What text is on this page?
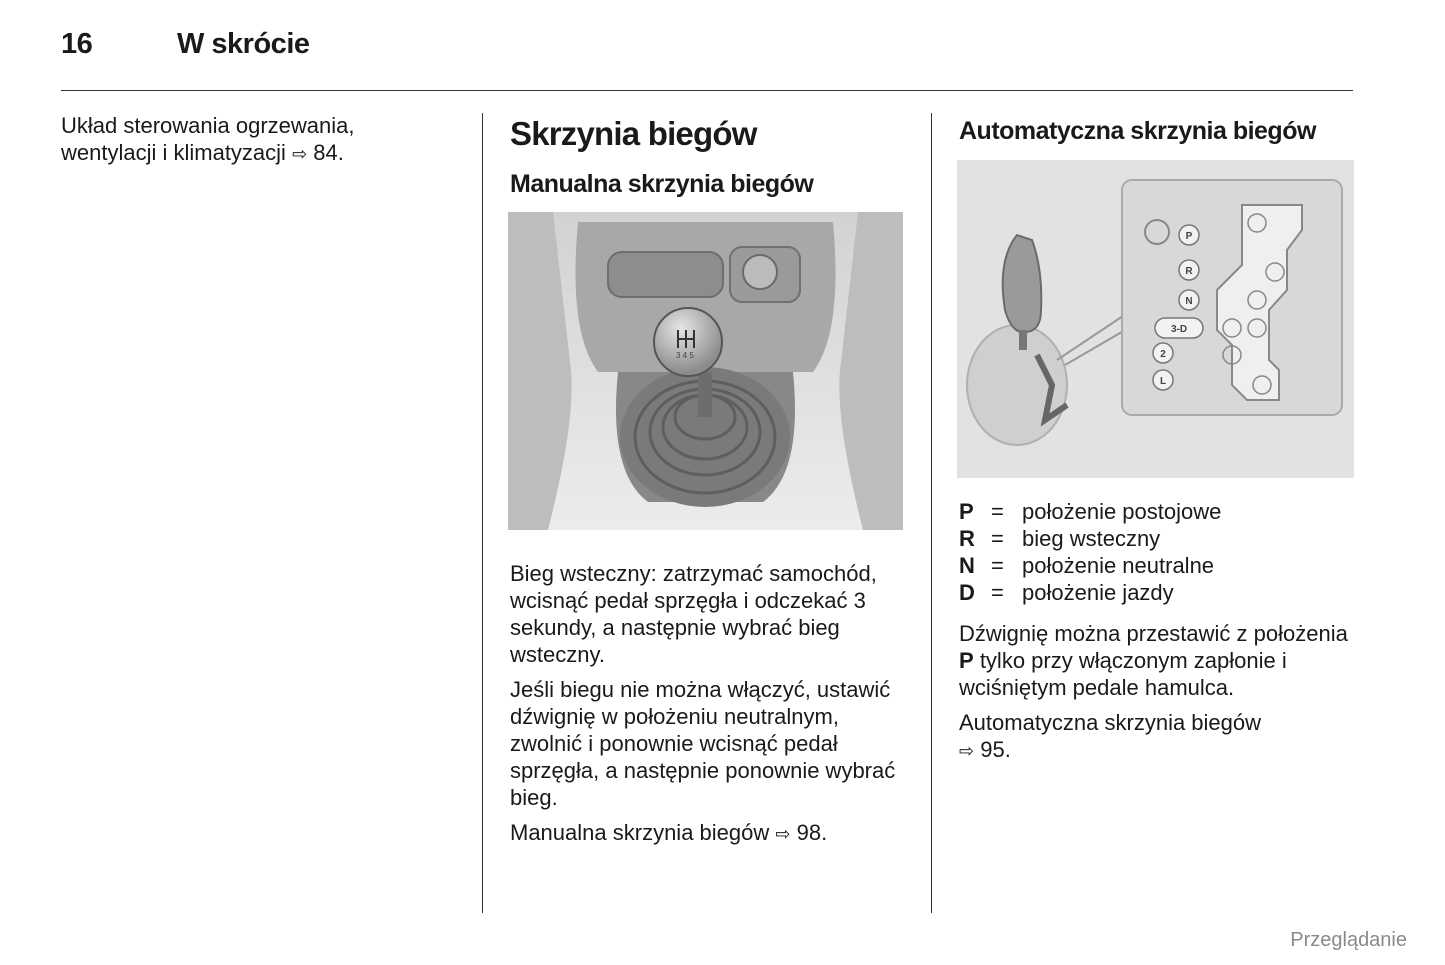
16	W skrócie

Układ sterowania ogrzewania,
wentylacji i klimatyzacji ⇨ 84.

Skrzynia biegów
Manualna skrzynia biegów
3 4 5

Bieg wsteczny: zatrzymać samochód, wcisnąć pedał sprzęgła i odczekać 3 sekundy, a następnie wybrać bieg wsteczny.

Jeśli biegu nie można włączyć, ustawić dźwignię w położeniu neutralnym, zwolnić i ponownie wcisnąć pedał sprzęgła, a następnie ponownie wybrać bieg.

Manualna skrzynia biegów ⇨ 98.

Automatyczna skrzynia biegów
P
R
N
3-D
2
L
P = położenie postojowe
R = bieg wsteczny
N = położenie neutralne
D = położenie jazdy

Dźwignię można przestawić z położenia P tylko przy włączonym zapłonie i wciśniętym pedale hamulca.

Automatyczna skrzynia biegów
⇨ 95.

Przeglądanie
